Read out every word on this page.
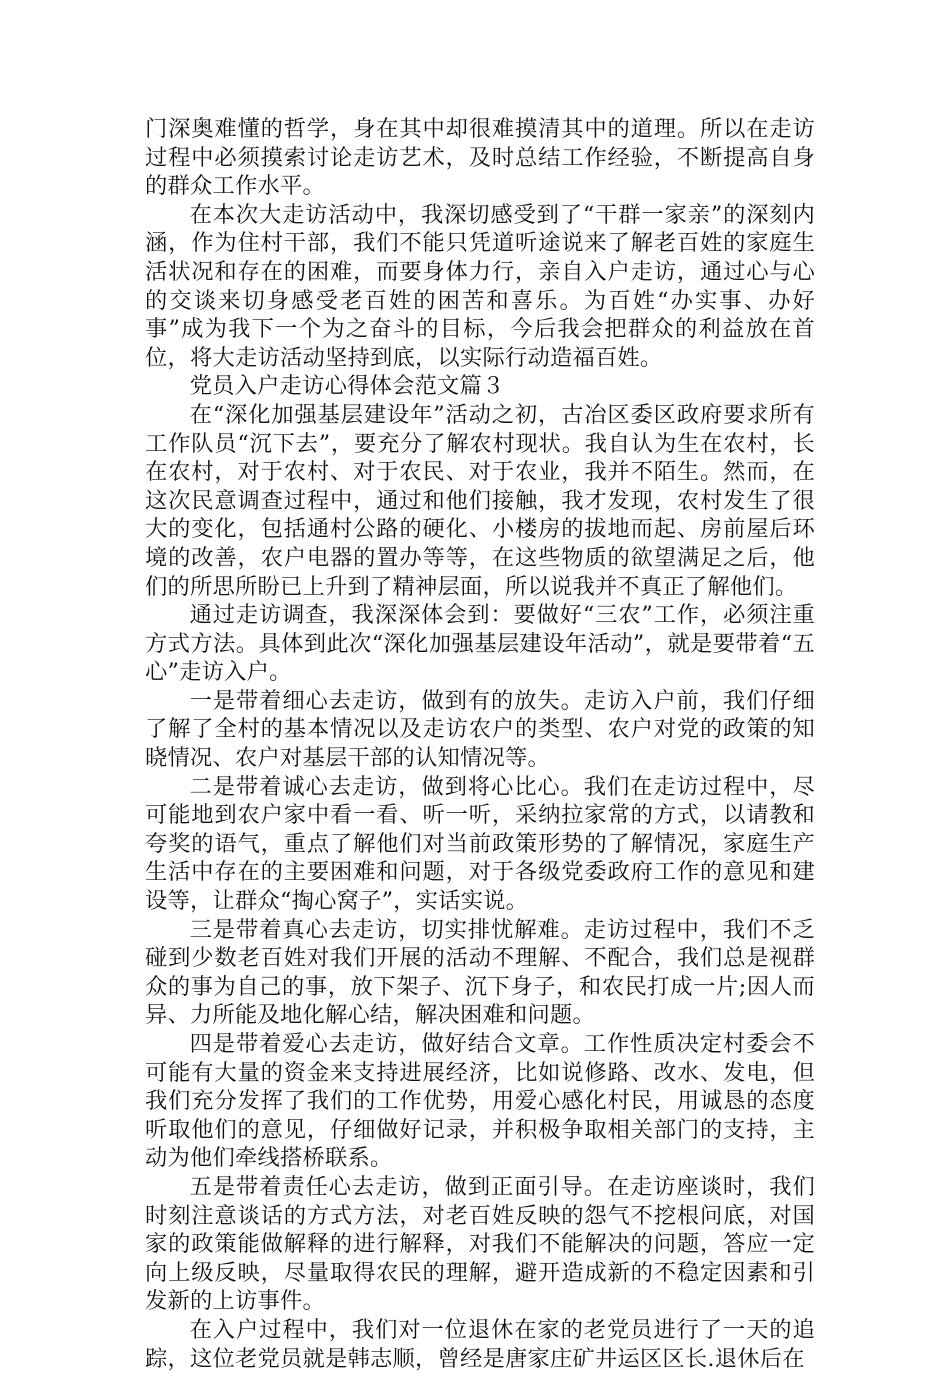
门深奥难懂的哲学，身在其中却很难摸清其中的道理。所以在走访过程中必须摸索讨论走访艺术，及时总结工作经验，不断提高自身的群众工作水平。

在本次大走访活动中，我深切感受到了“干群一家亲”的深刻内涵，作为住村干部，我们不能只凭道听途说来了解老百姓的家庭生活状况和存在的困难，而要身体力行，亲自入户走访，通过心与心的交谈来切身感受老百姓的困苦和喜乐。为百姓“办实事、办好事”成为我下一个为之奋斗的目标，今后我会把群众的利益放在首位，将大走访活动坚持到底，以实际行动造福百姓。

党员入户走访心得体会范文篇３

在“深化加强基层建设年”活动之初，古冶区委区政府要求所有工作队员“沉下去”，要充分了解农村现状。我自认为生在农村，长在农村，对于农村、对于农民、对于农业，我并不陌生。然而，在这次民意调查过程中，通过和他们接触，我才发现，农村发生了很大的变化，包括通村公路的硬化、小楼房的拔地而起、房前屋后环境的改善，农户电器的置办等等，在这些物质的欲望满足之后，他们的所思所盼已上升到了精神层面，所以说我并不真正了解他们。

通过走访调查，我深深体会到：要做好“三农”工作，必须注重方式方法。具体到此次“深化加强基层建设年活动”，就是要带着“五心”走访入户。

一是带着细心去走访，做到有的放失。走访入户前，我们仔细了解了全村的基本情况以及走访农户的类型、农户对党的政策的知晓情况、农户对基层干部的认知情况等。

二是带着诚心去走访，做到将心比心。我们在走访过程中，尽可能地到农户家中看一看、听一听，采纳拉家常的方式，以请教和夸奖的语气，重点了解他们对当前政策形势的了解情况，家庭生产生活中存在的主要困难和问题，对于各级党委政府工作的意见和建设等，让群众“掏心窝子”，实话实说。

三是带着真心去走访，切实排忧解难。走访过程中，我们不乏碰到少数老百姓对我们开展的活动不理解、不配合，我们总是视群众的事为自己的事，放下架子、沉下身子，和农民打成一片;因人而异、力所能及地化解心结，解决困难和问题。

四是带着爱心去走访，做好结合文章。工作性质决定村委会不可能有大量的资金来支持进展经济，比如说修路、改水、发电，但我们充分发挥了我们的工作优势，用爱心感化村民，用诚恳的态度听取他们的意见，仔细做好记录，并积极争取相关部门的支持，主动为他们牵线搭桥联系。

五是带着责任心去走访，做到正面引导。在走访座谈时，我们时刻注意谈话的方式方法，对老百姓反映的怨气不挖根问底，对国家的政策能做解释的进行解释，对我们不能解决的问题，答应一定向上级反映，尽量取得农民的理解，避开造成新的不稳定因素和引发新的上访事件。

在入户过程中，我们对一位退休在家的老党员进行了一天的追踪，这位老党员就是韩志顺，曾经是唐家庄矿井运区区长.退休后在
